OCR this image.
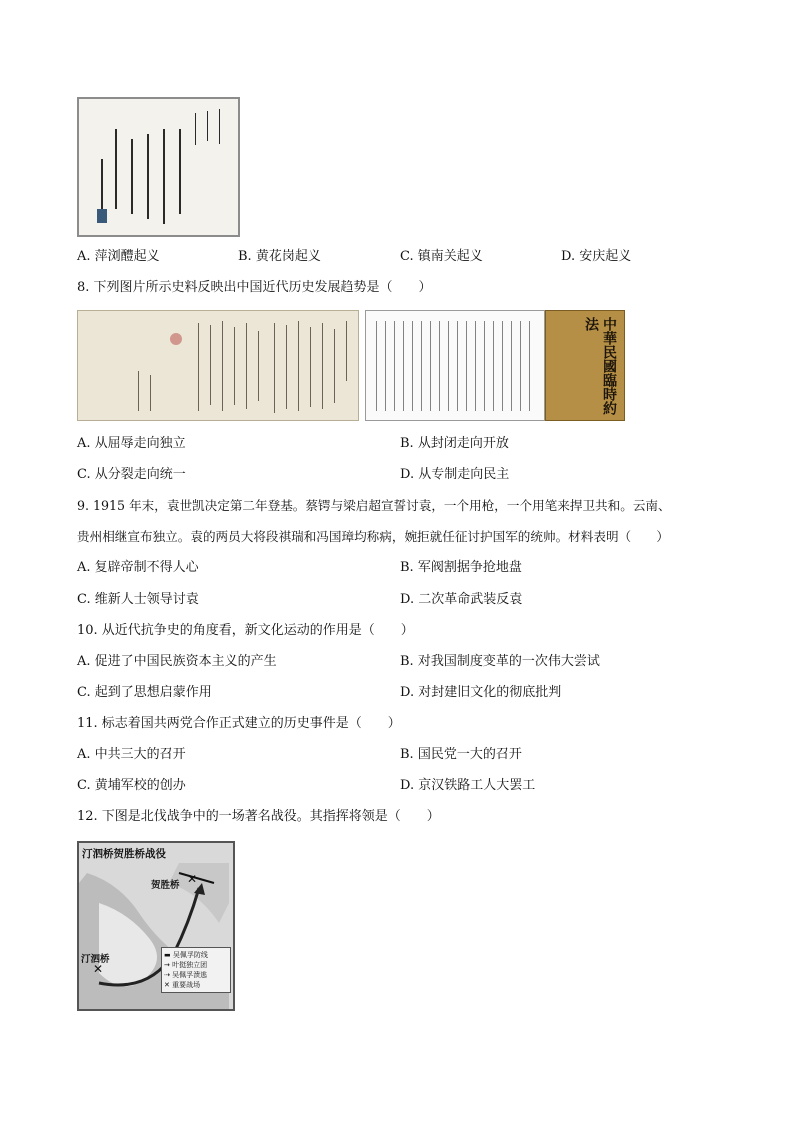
A. 萍浏醴起义	B. 黄花岗起义	C. 镇南关起义	D. 安庆起义
8. 下列图片所示史料反映出中国近代历史发展趋势是（　　）
中華民國臨時約法
A. 从屈辱走向独立	B. 从封闭走向开放
C. 从分裂走向统一	D. 从专制走向民主
9. 1915 年末，袁世凯决定第二年登基。蔡锷与梁启超宣誓讨袁，一个用枪，一个用笔来捍卫共和。云南、
贵州相继宣布独立。袁的两员大将段祺瑞和冯国璋均称病，婉拒就任征讨护国军的统帅。材料表明（　　）
A. 复辟帝制不得人心	B. 军阀割据争抢地盘
C. 维新人士领导讨袁	D. 二次革命武装反袁
10. 从近代抗争史的角度看，新文化运动的作用是（　　）
A. 促进了中国民族资本主义的产生	B. 对我国制度变革的一次伟大尝试
C. 起到了思想启蒙作用	D. 对封建旧文化的彻底批判
11. 标志着国共两党合作正式建立的历史事件是（　　）
A. 中共三大的召开	B. 国民党一大的召开
C. 黄埔军校的创办	D. 京汉铁路工人大罢工
12. 下图是北伐战争中的一场著名战役。其指挥将领是（　　）
汀泗桥贺胜桥战役
✕
✕
贺胜桥
汀泗桥	▬ 吴佩孚防线
→ 叶挺独立团
⇢ 吴佩孚溃逃
✕ 重要战场
